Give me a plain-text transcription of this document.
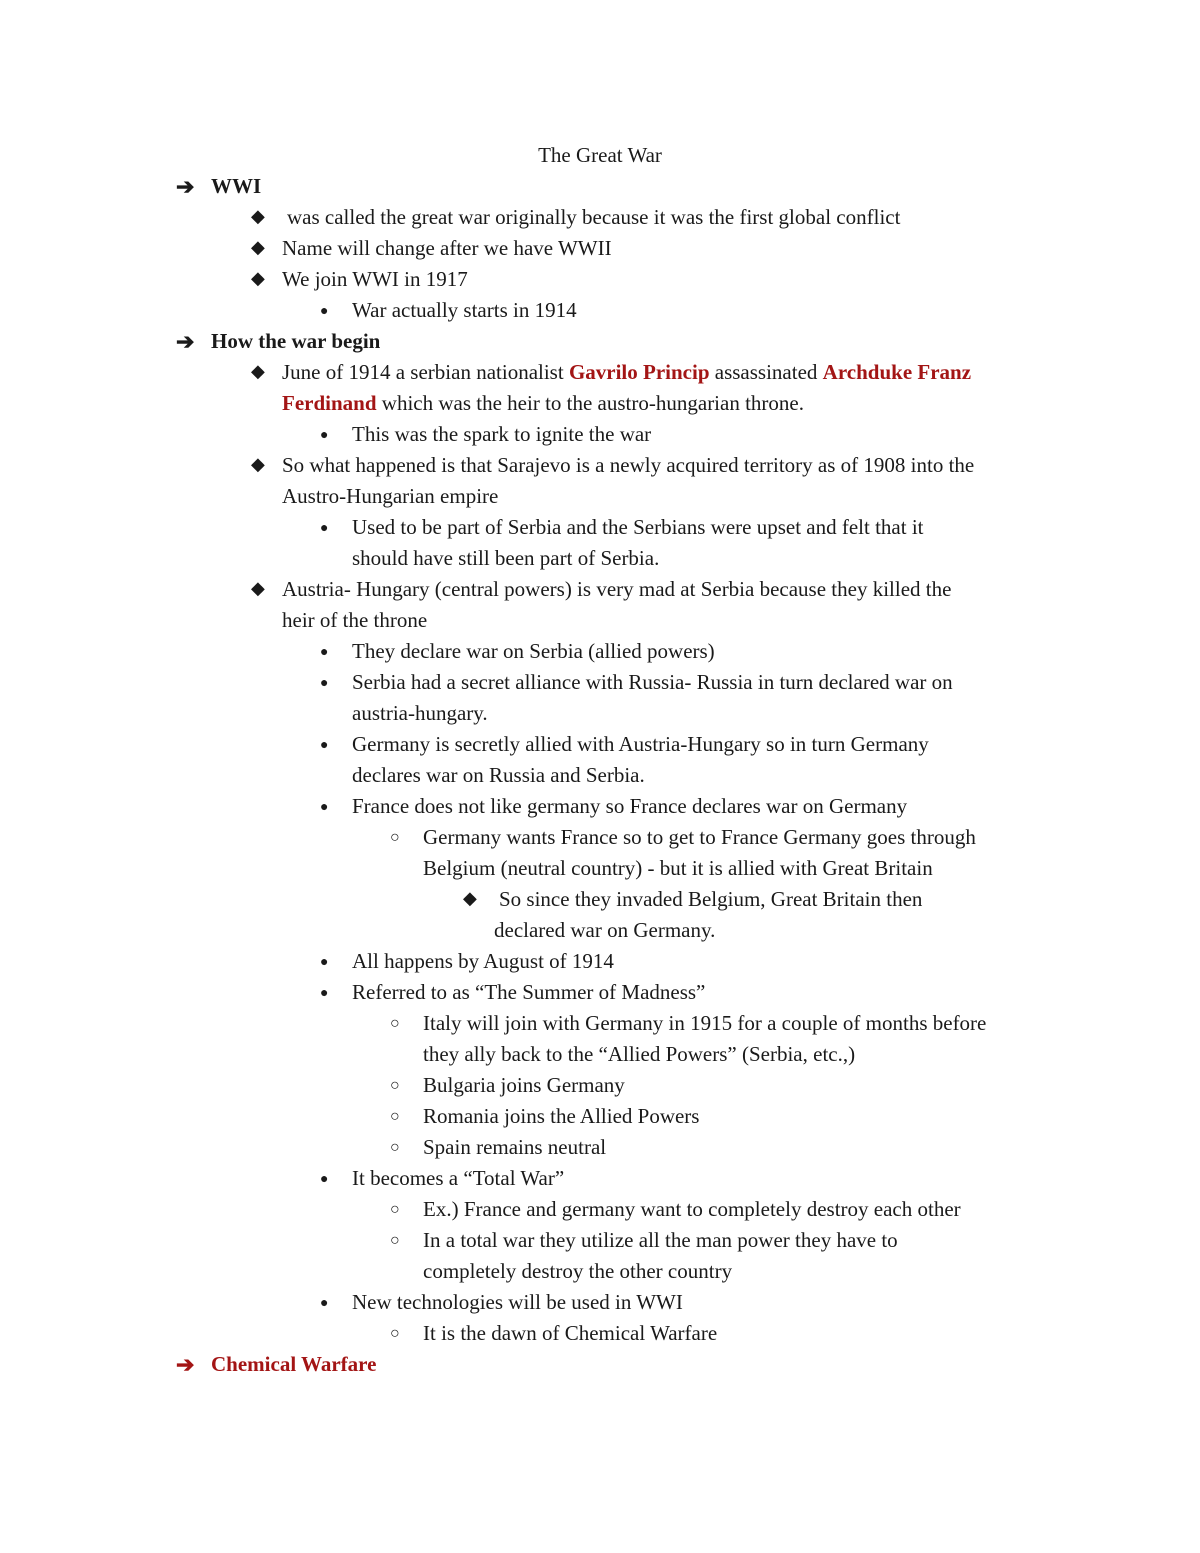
The Great War
➔ WWI
◆	was called the great war originally because it was the first global conflict
◆ Name will change after we have WWII
◆ We join WWI in 1917
●	War actually starts in 1914
➔ How the war begin
◆ June of 1914 a serbian nationalist Gavrilo Princip assassinated Archduke Franz
Ferdinand which was the heir to the austro-hungarian throne.
●	This was the spark to ignite the war
◆ So what happened is that Sarajevo is a newly acquired territory as of 1908 into the
Austro-Hungarian empire
●	Used to be part of Serbia and the Serbians were upset and felt that it
should have still been part of Serbia.
◆ Austria- Hungary (central powers) is very mad at Serbia because they killed the
heir of the throne
●	They declare war on Serbia (allied powers)
●	Serbia had a secret alliance with Russia- Russia in turn declared war on
austria-hungary.
●	Germany is secretly allied with Austria-Hungary so in turn Germany
declares war on Russia and Serbia.
●	France does not like germany so France declares war on Germany
○	Germany wants France so to get to France Germany goes through
Belgium (neutral country) - but it is allied with Great Britain
◆	So since they invaded Belgium, Great Britain then
declared war on Germany.
●	All happens by August of 1914
●	Referred to as “The Summer of Madness”
○	Italy will join with Germany in 1915 for a couple of months before
they ally back to the “Allied Powers” (Serbia, etc.,)
○	Bulgaria joins Germany
○	Romania joins the Allied Powers
○	Spain remains neutral
●	It becomes a “Total War”
○	Ex.) France and germany want to completely destroy each other
○	In a total war they utilize all the man power they have to
completely destroy the other country
●	New technologies will be used in WWI
○	It is the dawn of Chemical Warfare
➔ Chemical Warfare
